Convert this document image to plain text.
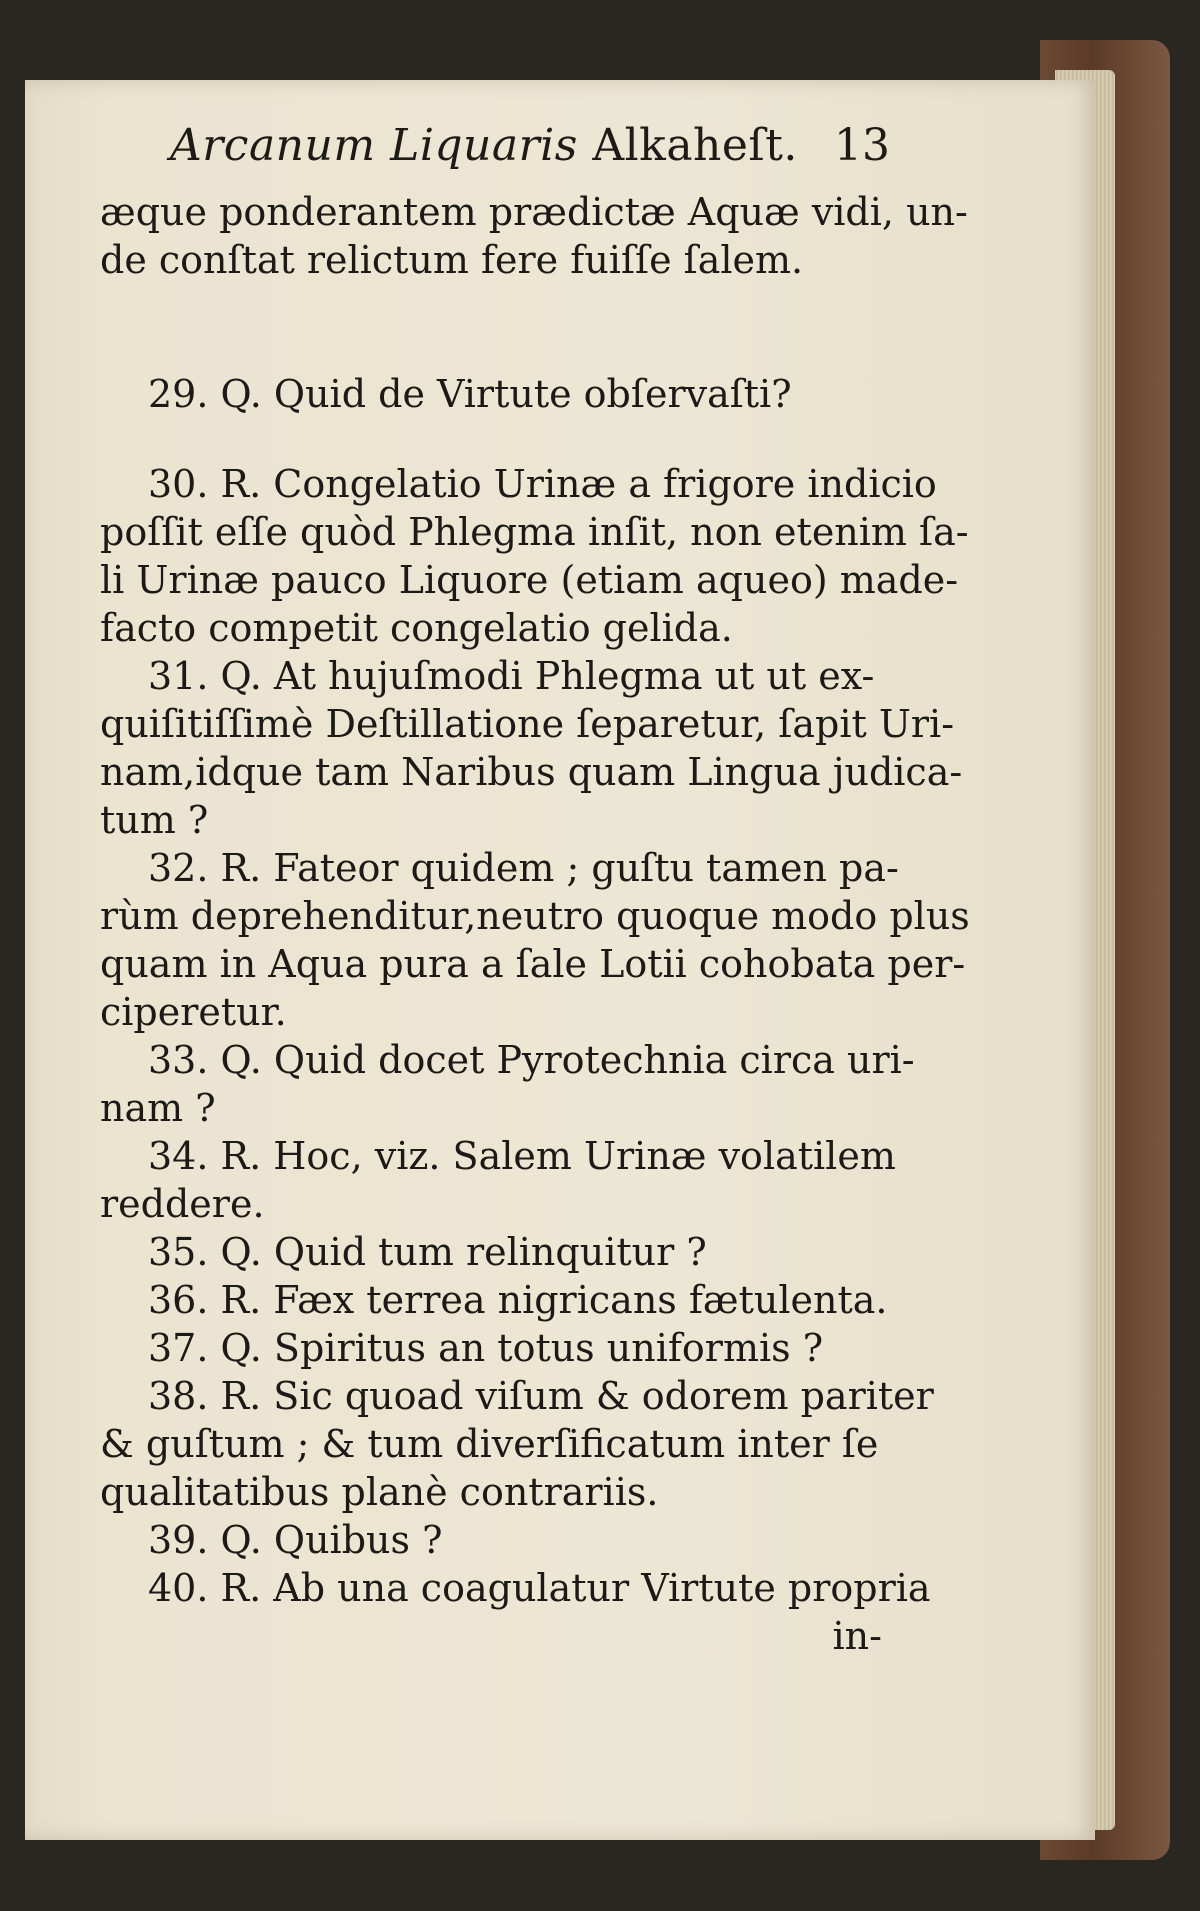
Arcanum Liquaris Alkaheſt. 13
æque ponderantem prædictæ Aquæ vidi, un-
de conſtat relictum fere fuiſſe ſalem.
29. Q. Quid de Virtute obſervaſti?
30. R. Congelatio Urinæ a frigore indicio
poſſit eſſe quòd Phlegma inſit, non etenim ſa-
li Urinæ pauco Liquore (etiam aqueo) made-
facto competit congelatio gelida.
31. Q. At hujuſmodi Phlegma ut ut ex-
quiſitiſſimè Deſtillatione ſeparetur, ſapit Uri-
nam,idque tam Naribus quam Lingua judica-
tum ?
32. R. Fateor quidem ; guſtu tamen pa-
rùm deprehenditur,neutro quoque modo plus
quam in Aqua pura a ſale Lotii cohobata per-
ciperetur.
33. Q. Quid docet Pyrotechnia circa uri-
nam ?
34. R. Hoc, viz. Salem Urinæ volatilem
reddere.
35. Q. Quid tum relinquitur ?
36. R. Fæx terrea nigricans fætulenta.
37. Q. Spiritus an totus uniformis ?
38. R. Sic quoad viſum & odorem pariter
& guſtum ; & tum diverſificatum inter ſe
qualitatibus planè contrariis.
39. Q. Quibus ?
40. R. Ab una coagulatur Virtute propria
in-
